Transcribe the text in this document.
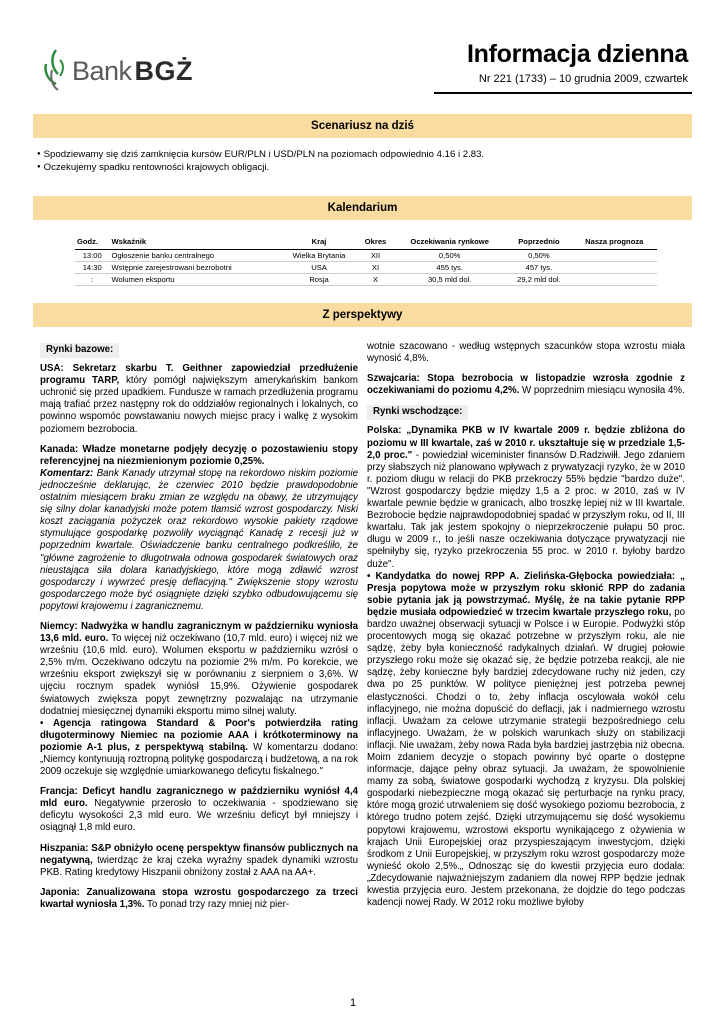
Bank BGŻ
Informacja dzienna
Nr 221 (1733) – 10 grudnia 2009, czwartek
Scenariusz na dziś
● Spodziewamy się dziś zamknięcia kursów EUR/PLN i USD/PLN na poziomach odpowiednio 4.16 i 2.83.
● Oczekujemy spadku rentowności krajowych obligacji.
Kalendarium
Godz.	Wskaźnik	Kraj	Okres	Oczekiwania rynkowe	Poprzednio	Nasza prognoza
13:00	Ogłoszenie banku centralnego	Wielka Brytania	XII	0,50%	0,50%	
14:30	Wstępnie zarejestrowani bezrobotni	USA	XI	455 tys.	457 tys.	
:	Wolumen eksportu	Rosja	X	30,5 mld dol.	29,2 mld dol.	
Z perspektywy
Rynki bazowe:

USA: Sekretarz skarbu T. Geithner zapowiedział przedłużenie programu TARP, który pomógł największym amerykańskim bankom uchronić się przed upadkiem. Fundusze w ramach przedłużenia programu mają trafiać przez następny rok do oddziałów regionalnych i lokalnych, co powinno wspomóc powstawaniu nowych miejsc pracy i walkę z wysokim poziomem bezrobocia.

Kanada: Władze monetarne podjęły decyzję o pozostawieniu stopy referencyjnej na niezmienionym poziomie 0,25%.
Komentarz: Bank Kanady utrzymał stopę na rekordowo niskim poziomie jednocześnie deklarując, że czerwiec 2010 będzie prawdopodobnie ostatnim miesiącem braku zmian ze względu na obawy, że utrzymujący się silny dolar kanadyjski może potem tłamsić wzrost gospodarczy. Niski koszt zaciągania pożyczek oraz rekordowo wysokie pakiety rządowe stymulujące gospodarkę pozwoliły wyciągnąć Kanadę z recesji już w poprzednim kwartale. Oświadczenie banku centralnego podkreśliło, że "główne zagrożenie to długotrwała odnowa gospodarek światowych oraz nieustająca siła dolara kanadyjskiego, które mogą zdławić wzrost gospodarczy i wywrzeć presję deflacyjną." Zwiększenie stopy wzrostu gospodarczego może być osiągnięte dzięki szybko odbudowującemu się popytowi krajowemu i zagranicznemu.

Niemcy: Nadwyżka w handlu zagranicznym w październiku wyniosła 13,6 mld. euro. To więcej niż oczekiwano (10,7 mld. euro) i więcej niż we wrześniu (10,6 mld. euro). Wolumen eksportu w październiku wzrósł o 2,5% m/m. Oczekiwano odczytu na poziomie 2% m/m. Po korekcie, we wrześniu eksport zwiększył się w porównaniu z sierpniem o 3,6%. W ujęciu rocznym spadek wyniósł 15,9%. Ożywienie gospodarek światowych zwiększa popyt zewnętrzny pozwalając na utrzymanie dodatniej miesięcznej dynamiki eksportu mimo silnej waluty.

• Agencja ratingowa Standard & Poor's potwierdziła rating długoterminowy Niemiec na poziomie AAA i krótkoterminowy na poziomie A-1 plus, z perspektywą stabilną. W komentarzu dodano: „Niemcy kontynuują roztropną politykę gospodarczą i budżetową, a na rok 2009 oczekuje się względnie umiarkowanego deficytu fiskalnego."

Francja: Deficyt handlu zagranicznego w październiku wyniósł 4,4 mld euro. Negatywnie przerosło to oczekiwania - spodziewano się deficytu wysokości 2,3 mld euro. We wrześniu deficyt był mniejszy i osiągnął 1,8 mld euro.

Hiszpania: S&P obniżyło ocenę perspektyw finansów publicznych na negatywną, twierdząc że kraj czeka wyraźny spadek dynamiki wzrostu PKB. Rating kredytowy Hiszpanii obniżony został z AAA na AA+.

Japonia: Zanualizowana stopa wzrostu gospodarczego za trzeci kwartał wyniosła 1,3%. To ponad trzy razy mniej niż pier-

wotnie szacowano - według wstępnych szacunków stopa wzrostu miała wynosić 4,8%.

Szwajcaria: Stopa bezrobocia w listopadzie wzrosła zgodnie z oczekiwaniami do poziomu 4,2%. W poprzednim miesiącu wynosiła 4%.

Rynki wschodzące:

Polska: „Dynamika PKB w IV kwartale 2009 r. będzie zbliżona do poziomu w III kwartale, zaś w 2010 r. ukształtuje się w przedziale 1,5-2,0 proc." - powiedział wiceminister finansów D.Radziwiłł. Jego zdaniem przy słabszych niż planowano wpływach z prywatyzacji ryzyko, że w 2010 r. poziom długu w relacji do PKB przekroczy 55% będzie "bardzo duże". "Wzrost gospodarczy będzie między 1,5 a 2 proc. w 2010, zaś w IV kwartale pewnie będzie w granicach, albo troszkę lepiej niż w III kwartale. Bezrobocie będzie najprawdopodobniej spadać w przyszłym roku, od II, III kwartału. Tak jak jestem spokojny o nieprzekroczenie pułapu 50 proc. długu w 2009 r., to jeśli nasze oczekiwania dotyczące prywatyzacji nie spełniłyby się, ryzyko przekroczenia 55 proc. w 2010 r. byłoby bardzo duże".

• Kandydatka do nowej RPP A. Zielińska-Głębocka powiedziała: „ Presja popytowa może w przyszłym roku skłonić RPP do zadania sobie pytania jak ją powstrzymać. Myślę, że na takie pytanie RPP będzie musiała odpowiedzieć w trzecim kwartale przyszłego roku, po bardzo uważnej obserwacji sytuacji w Polsce i w Europie. Podwyżki stóp procentowych mogą się okazać potrzebne w przyszłym roku, ale nie sądzę, żeby była konieczność radykalnych działań. W drugiej połowie przyszłego roku może się okazać się, że będzie potrzeba reakcji, ale nie sądzę, żeby konieczne były bardziej zdecydowane ruchy niż jeden, czy dwa po 25 punktów. W polityce pieniężnej jest potrzeba pewnej elastyczności. Chodzi o to, żeby inflacja oscylowała wokół celu inflacyjnego, nie można dopuścić do deflacji, jak i nadmiernego wzrostu inflacji. Uważam za celowe utrzymanie strategii bezpośredniego celu inflacyjnego. Uważam, że w polskich warunkach służy on stabilizacji inflacji. Nie uważam, żeby nowa Rada była bardziej jastrzębia niż obecna. Moim zdaniem decyzje o stopach powinny być oparte o dostępne informacje, dające pełny obraz sytuacji. Ja uważam, że spowolnienie mamy za sobą, światowe gospodarki wychodzą z kryzysu. Dla polskiej gospodarki niebezpieczne mogą okazać się perturbacje na rynku pracy, które mogą grozić utrwaleniem się dość wysokiego poziomu bezrobocia, z którego trudno potem zejść. Dzięki utrzymującemu się dość wysokiemu popytowi krajowemu, wzrostowi eksportu wynikającego z ożywienia w krajach Unii Europejskiej oraz przyspieszającym inwestycjom, dzięki środkom z Unii Europejskiej, w przyszłym roku wzrost gospodarczy może wynieść około 2,5%.„ Odnosząc się do kwestii przyjęcia euro dodała: „Zdecydowanie najważniejszym zadaniem dla nowej RPP będzie jednak kwestia przyjęcia euro. Jestem przekonana, że dojdzie do tego podczas kadencji nowej Rady. W 2012 roku możliwe byłoby

1
